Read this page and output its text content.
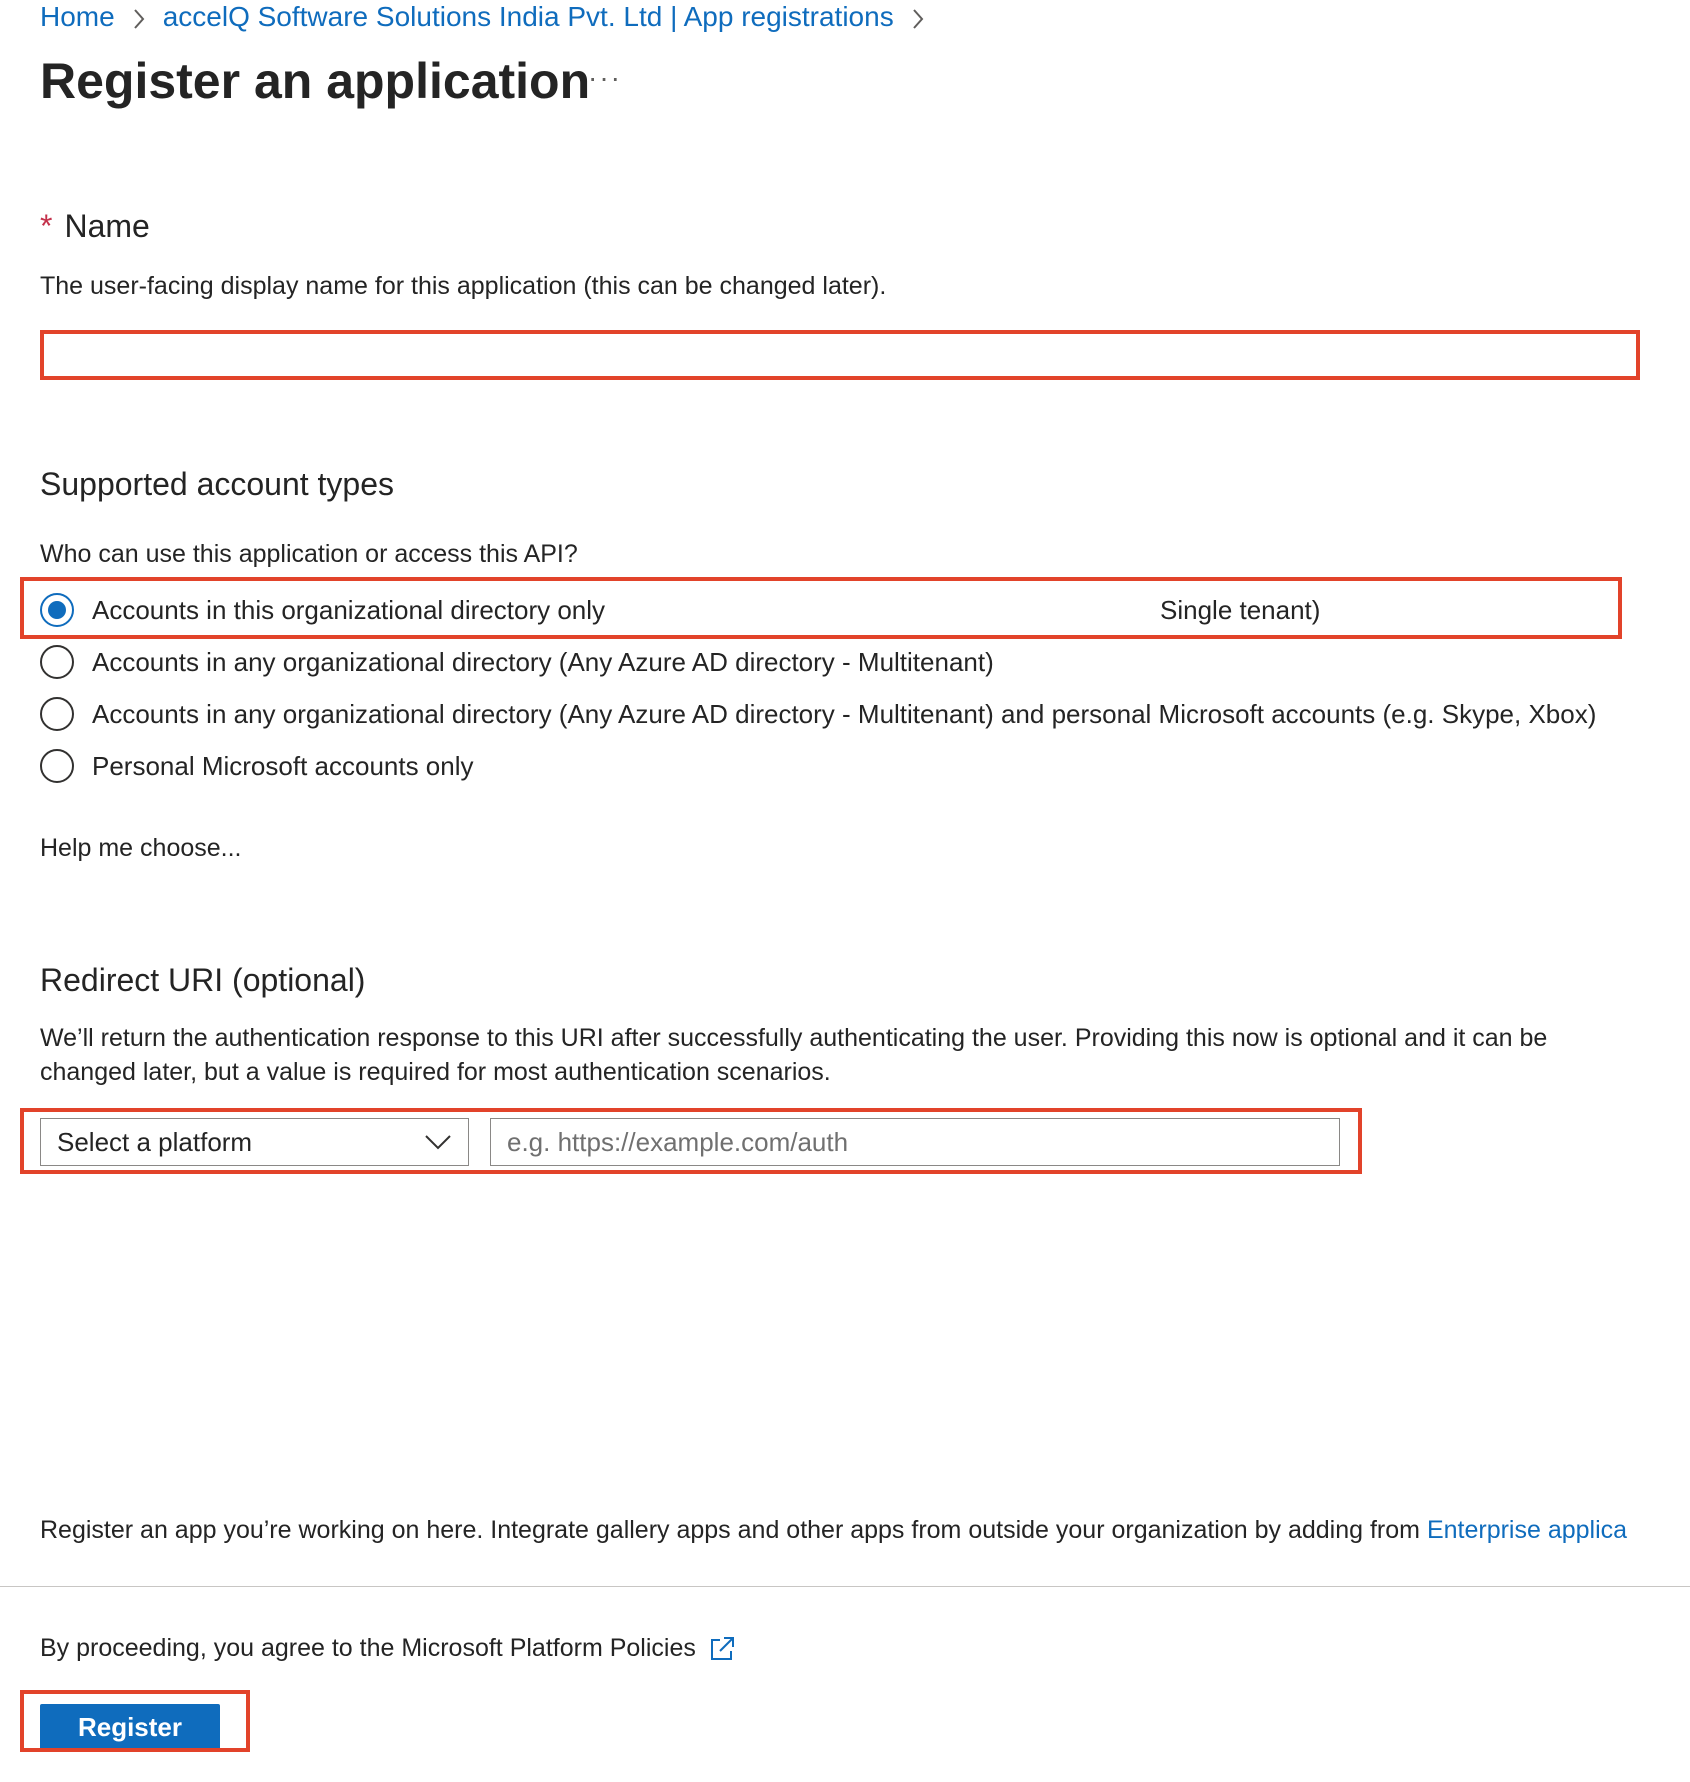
Home accelQ Software Solutions India Pvt. Ltd | App registrations
Register an application
···
* Name
The user-facing display name for this application (this can be changed later).
Supported account types
Who can use this application or access this API?
Accounts in this organizational directory only	Single tenant)
Accounts in any organizational directory (Any Azure AD directory - Multitenant)
Accounts in any organizational directory (Any Azure AD directory - Multitenant) and personal Microsoft accounts (e.g. Skype, Xbox)
Personal Microsoft accounts only
Help me choose...
Redirect URI (optional)
We’ll return the authentication response to this URI after successfully authenticating the user. Providing this now is optional and it can be
changed later, but a value is required for most authentication scenarios.
Select a platform
e.g. https://example.com/auth
Register an app you’re working on here. Integrate gallery apps and other apps from outside your organization by adding from Enterprise applica
By proceeding, you agree to the Microsoft Platform Policies
Register
